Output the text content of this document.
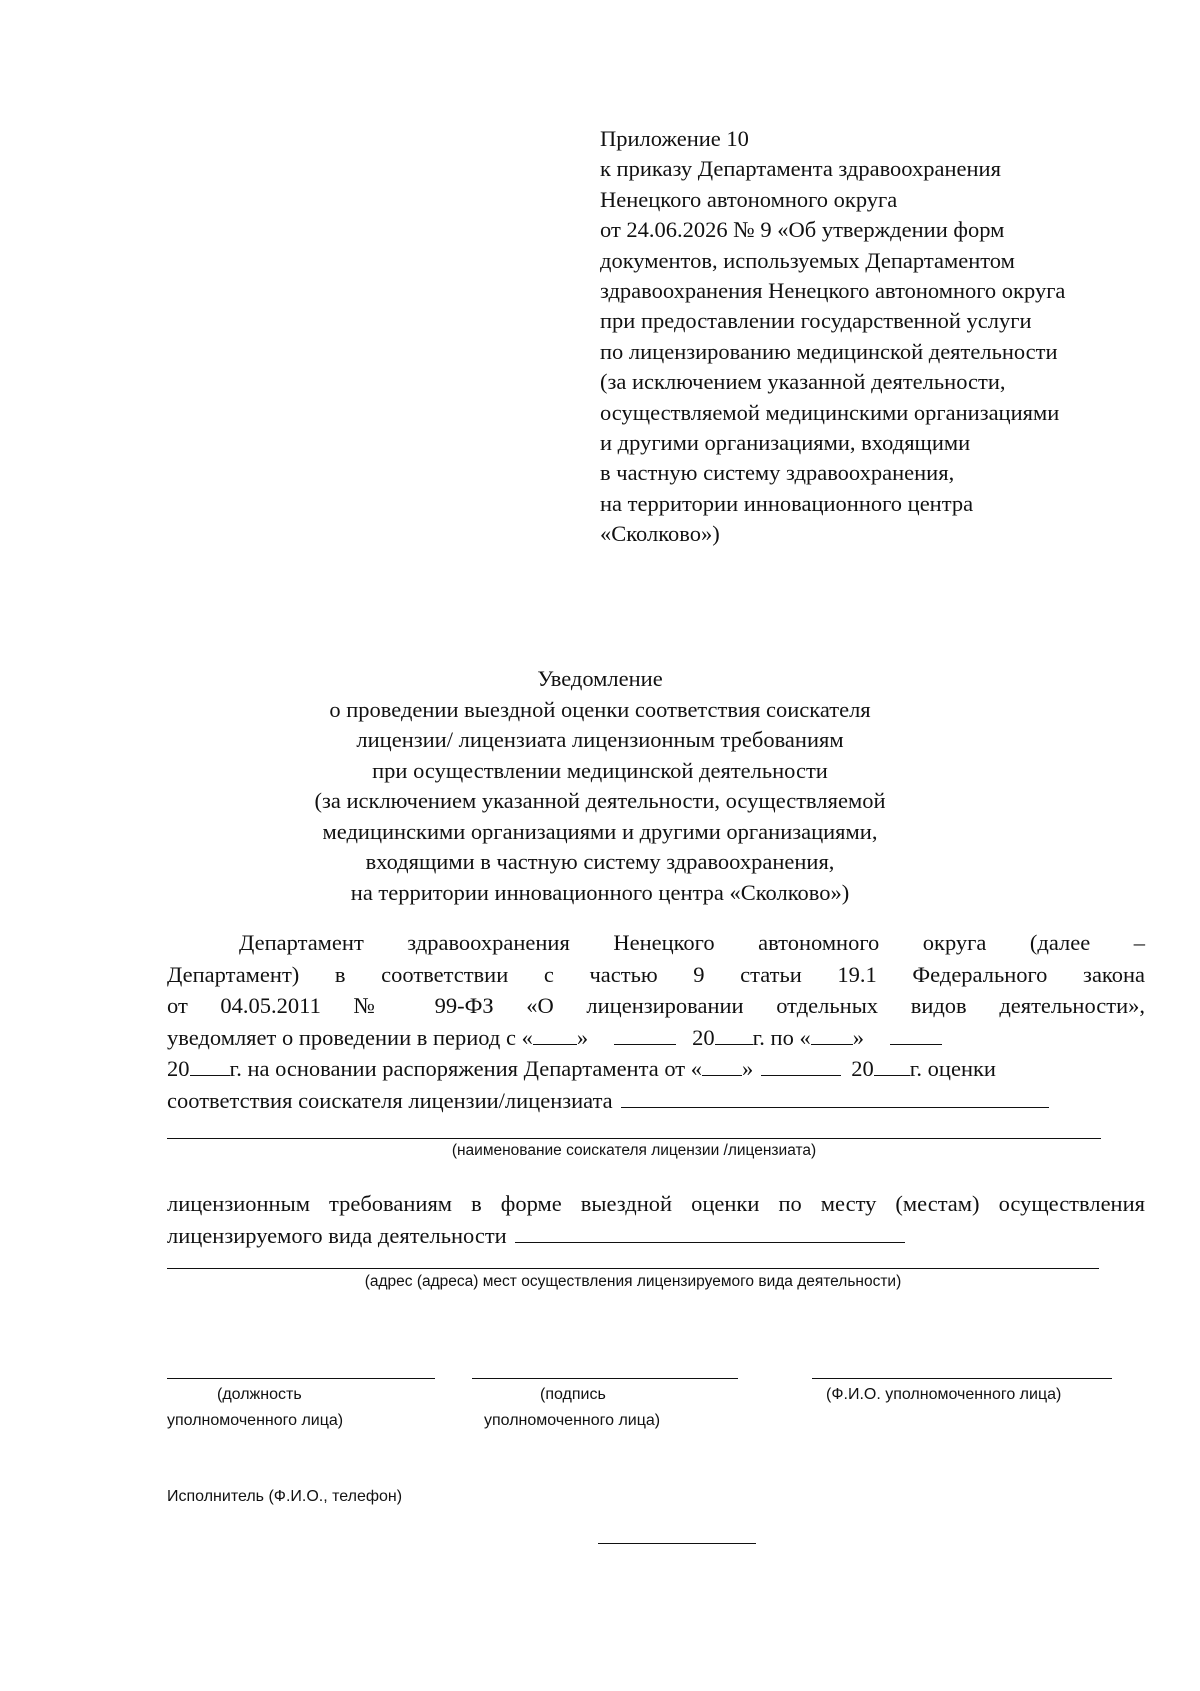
Приложение 10
к приказу Департамента здравоохранения
Ненецкого автономного округа
от 24.06.2026 № 9 «Об утверждении форм
документов, используемых Департаментом
здравоохранения Ненецкого автономного округа
при предоставлении государственной услуги
по лицензированию медицинской деятельности
(за исключением указанной деятельности,
осуществляемой медицинскими организациями
и другими организациями, входящими
в частную систему здравоохранения,
на территории инновационного центра
«Сколково»)
Уведомление
о проведении выездной оценки соответствия соискателя
лицензии/ лицензиата лицензионным требованиям
при осуществлении медицинской деятельности
(за исключением указанной деятельности, осуществляемой
медицинскими организациями и другими организациями,
входящими в частную систему здравоохранения,
на территории инновационного центра «Сколково»)
Департамент здравоохранения Ненецкого автономного округа (далее –
Департамент) в соответствии с частью 9 статьи 19.1 Федерального закона
от 04.05.2011 № 99-ФЗ «О лицензировании отдельных видов деятельности»,
уведомляет о проведении в период с « »	20 г. по « »
20 г. на основании распоряжения Департамента от « »	20 г. оценки
соответствия соискателя лицензии/лицензиата
(наименование соискателя лицензии /лицензиата)
лицензионным требованиям в форме выездной оценки по месту (местам) осуществления
лицензируемого вида деятельности
(адрес (адреса) мест осуществления лицензируемого вида деятельности)
(должность
уполномоченного лица)
(подпись
уполномоченного лица)
(Ф.И.О. уполномоченного лица)
Исполнитель (Ф.И.О., телефон)
